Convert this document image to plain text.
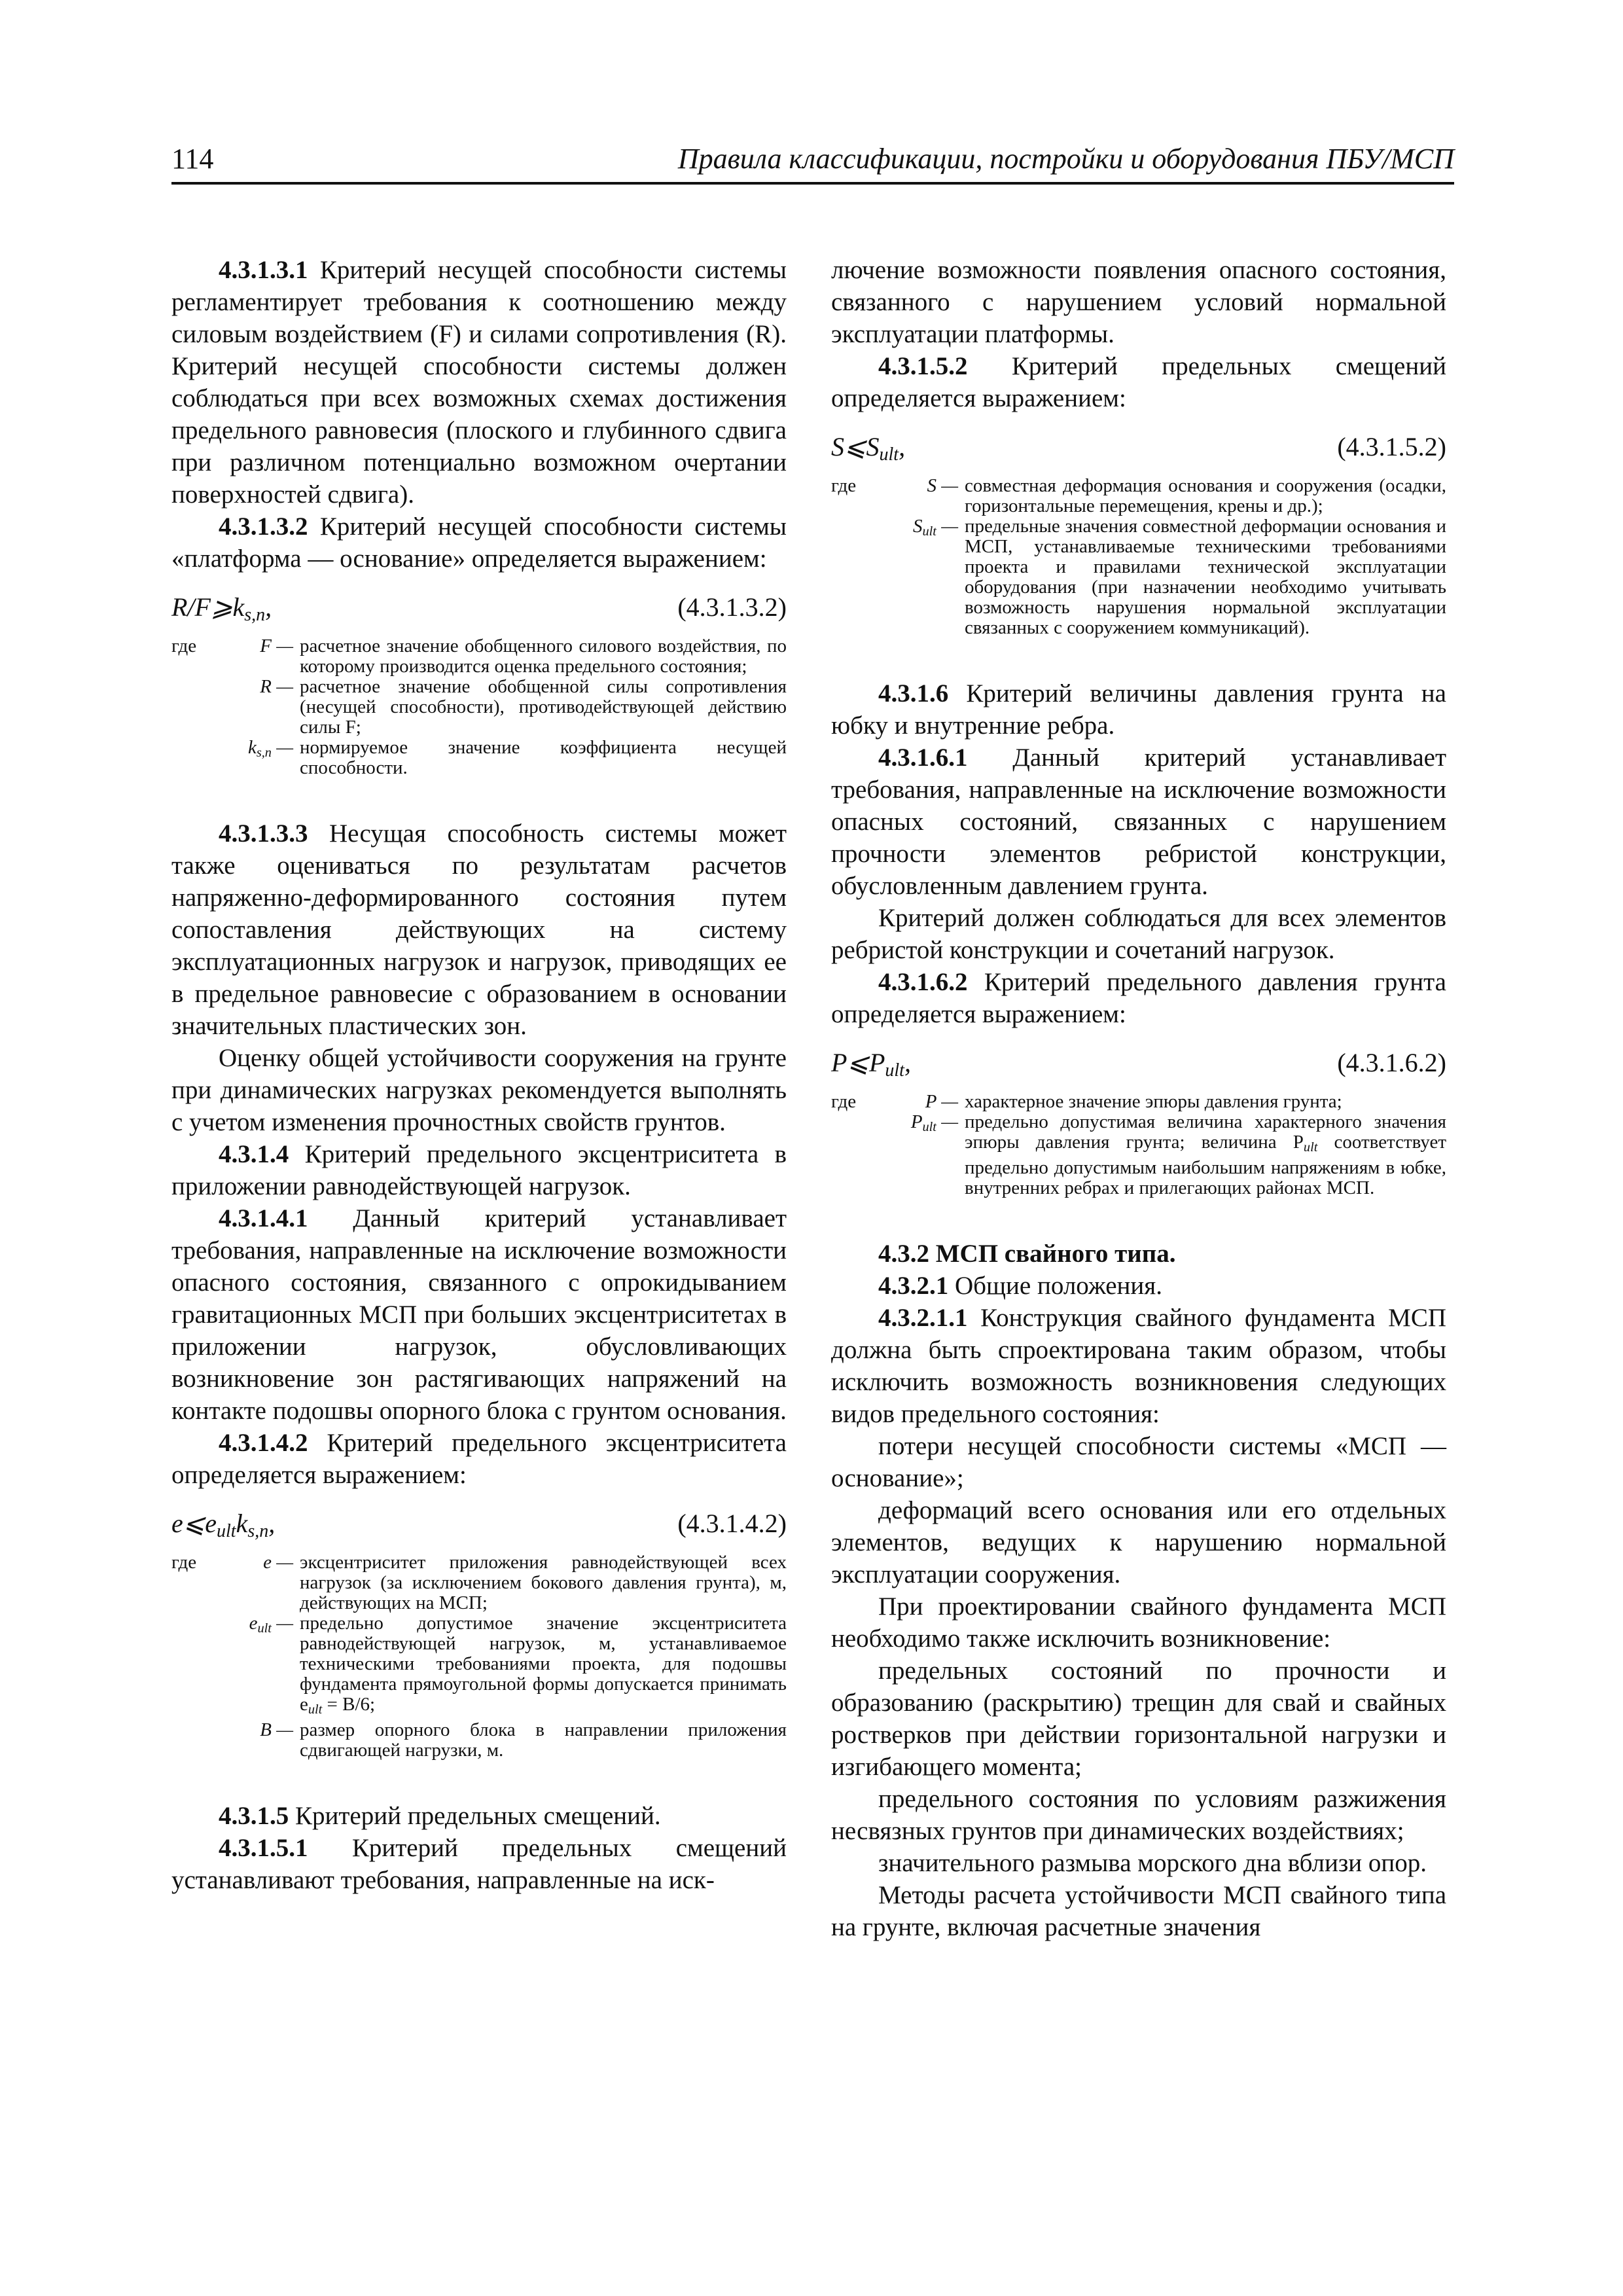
114	Правила классификации, постройки и оборудования ПБУ/МСП

4.3.1.3.1 Критерий несущей способности системы регламентирует требования к соотношению между силовым воздействием (F) и силами сопротивления (R). Критерий несущей способности системы должен соблюдаться при всех возможных схемах достижения предельного равновесия (плоского и глубинного сдвига при различном потенциально возможном очертании поверхностей сдвига).

4.3.1.3.2 Критерий несущей способности системы «платформа — основание» определяется выражением:

$R/F⩾k_{s,n}$,	(4.3.1.3.2)
где	F — расчетное значение обобщенного силового воздействия, по которому производится оценка предельного состояния;
R — расчетное значение обобщенной силы сопротивления (несущей способности), противодействующей действию силы F;
$k_{s,n}$ — нормируемое значение коэффициента несущей способности.

4.3.1.3.3 Несущая способность системы может также оцениваться по результатам расчетов напряженно-деформированного состояния путем сопоставления действующих на систему эксплуатационных нагрузок и нагрузок, приводящих ее в предельное равновесие с образованием в основании значительных пластических зон.

Оценку общей устойчивости сооружения на грунте при динамических нагрузках рекомендуется выполнять с учетом изменения прочностных свойств грунтов.

4.3.1.4 Критерий предельного эксцентриситета в приложении равнодействующей нагрузок.

4.3.1.4.1 Данный критерий устанавливает требования, направленные на исключение возможности опасного состояния, связанного с опрокидыванием гравитационных МСП при больших эксцентриситетах в приложении нагрузок, обусловливающих возникновение зон растягивающих напряжений на контакте подошвы опорного блока с грунтом основания.

4.3.1.4.2 Критерий предельного эксцентриситета определяется выражением:

$e⩽e_{ult}k_{s,n}$,	(4.3.1.4.2)
где	e — эксцентриситет приложения равнодействующей всех нагрузок (за исключением бокового давления грунта), м, действующих на МСП;
$e_{ult}$ — предельно допустимое значение эксцентриситета равнодействующей нагрузок, м, устанавливаемое техническими требованиями проекта, для подошвы фундамента прямоугольной формы допускается принимать $e_{ult} = B/6$;
B — размер опорного блока в направлении приложения сдвигающей нагрузки, м.

4.3.1.5 Критерий предельных смещений.

4.3.1.5.1 Критерий предельных смещений устанавливают требования, направленные на иск-

лючение возможности появления опасного состояния, связанного с нарушением условий нормальной эксплуатации платформы.

4.3.1.5.2 Критерий предельных смещений определяется выражением:

$S⩽S_{ult}$,	(4.3.1.5.2)
где	S — совместная деформация основания и сооружения (осадки, горизонтальные перемещения, крены и др.);
$S_{ult}$ — предельные значения совместной деформации основания и МСП, устанавливаемые техническими требованиями проекта и правилами технической эксплуатации оборудования (при назначении необходимо учитывать возможность нарушения нормальной эксплуатации связанных с сооружением коммуникаций).

4.3.1.6 Критерий величины давления грунта на юбку и внутренние ребра.

4.3.1.6.1 Данный критерий устанавливает требования, направленные на исключение возможности опасных состояний, связанных с нарушением прочности элементов ребристой конструкции, обусловленным давлением грунта.

Критерий должен соблюдаться для всех элементов ребристой конструкции и сочетаний нагрузок.

4.3.1.6.2 Критерий предельного давления грунта определяется выражением:

$P⩽P_{ult}$,	(4.3.1.6.2)
где	P — характерное значение эпюры давления грунта;
$P_{ult}$ — предельно допустимая величина характерного значения эпюры давления грунта; величина $P_{ult}$ соответствует предельно допустимым наибольшим напряжениям в юбке, внутренних ребрах и прилегающих районах МСП.

4.3.2 МСП свайного типа.

4.3.2.1 Общие положения.

4.3.2.1.1 Конструкция свайного фундамента МСП должна быть спроектирована таким образом, чтобы исключить возможность возникновения следующих видов предельного состояния:

потери несущей способности системы «МСП — основание»;

деформаций всего основания или его отдельных элементов, ведущих к нарушению нормальной эксплуатации сооружения.

При проектировании свайного фундамента МСП необходимо также исключить возникновение:

предельных состояний по прочности и образованию (раскрытию) трещин для свай и свайных ростверков при действии горизонтальной нагрузки и изгибающего момента;

предельного состояния по условиям разжижения несвязных грунтов при динамических воздействиях;

значительного размыва морского дна вблизи опор.

Методы расчета устойчивости МСП свайного типа на грунте, включая расчетные значения
